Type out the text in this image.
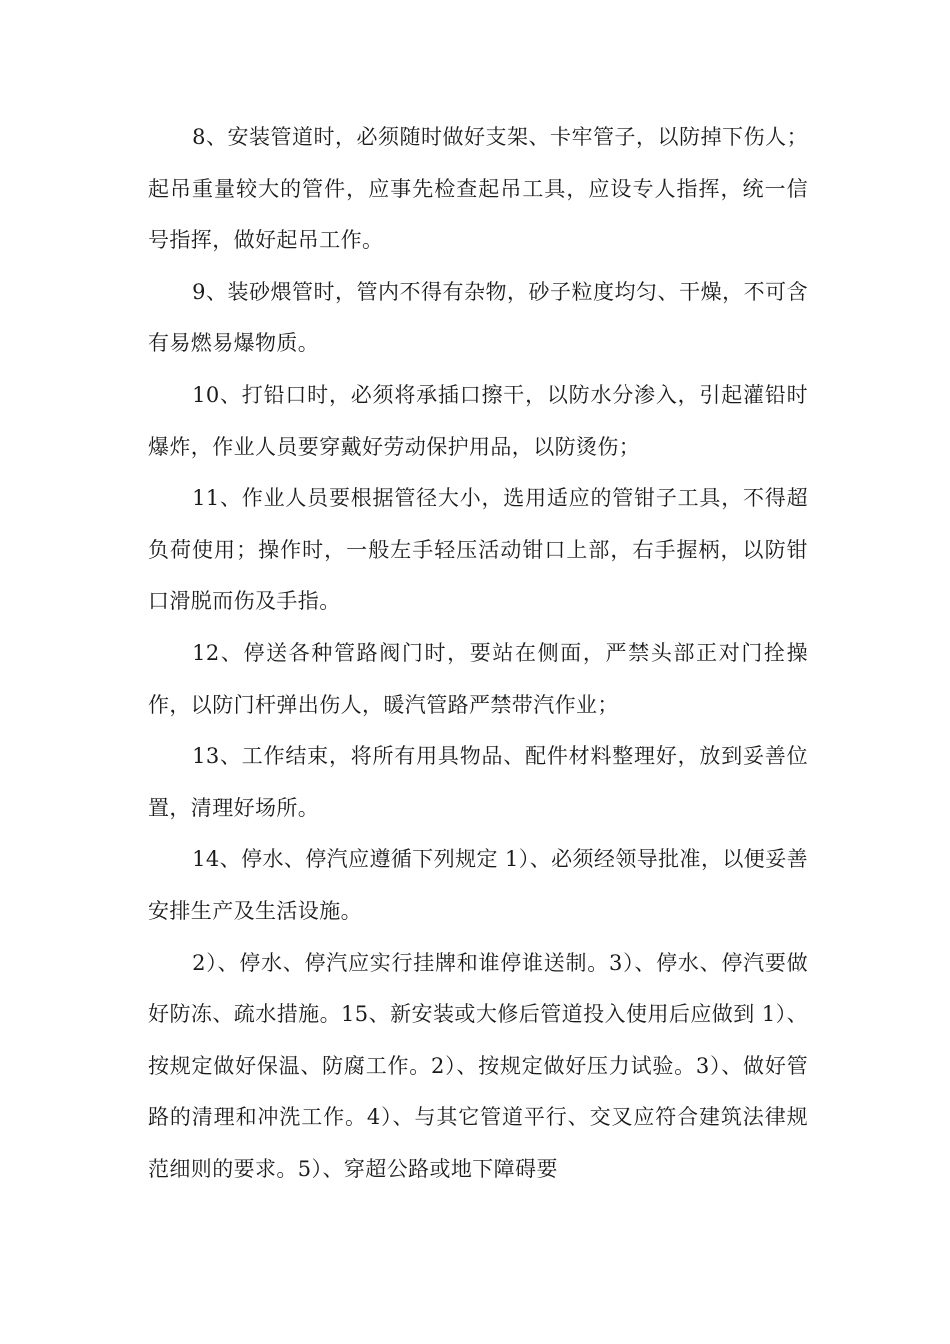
8、安装管道时，必须随时做好支架、卡牢管子，以防掉下伤人；起吊重量较大的管件，应事先检查起吊工具，应设专人指挥，统一信号指挥，做好起吊工作。

9、装砂煨管时，管内不得有杂物，砂子粒度均匀、干燥，不可含有易燃易爆物质。

10、打铅口时，必须将承插口擦干，以防水分渗入，引起灌铅时爆炸，作业人员要穿戴好劳动保护用品，以防烫伤；

11、作业人员要根据管径大小，选用适应的管钳子工具，不得超负荷使用；操作时，一般左手轻压活动钳口上部，右手握柄，以防钳口滑脱而伤及手指。

12、停送各种管路阀门时，要站在侧面，严禁头部正对门拴操作，以防门杆弹出伤人，暖汽管路严禁带汽作业；

13、工作结束，将所有用具物品、配件材料整理好，放到妥善位置，清理好场所。

14、停水、停汽应遵循下列规定 1）、必须经领导批准，以便妥善安排生产及生活设施。

2）、停水、停汽应实行挂牌和谁停谁送制。3）、停水、停汽要做好防冻、疏水措施。15、新安装或大修后管道投入使用后应做到 1）、按规定做好保温、防腐工作。2）、按规定做好压力试验。3）、做好管路的清理和冲洗工作。4）、与其它管道平行、交叉应符合建筑法律规范细则的要求。5）、穿超公路或地下障碍要
